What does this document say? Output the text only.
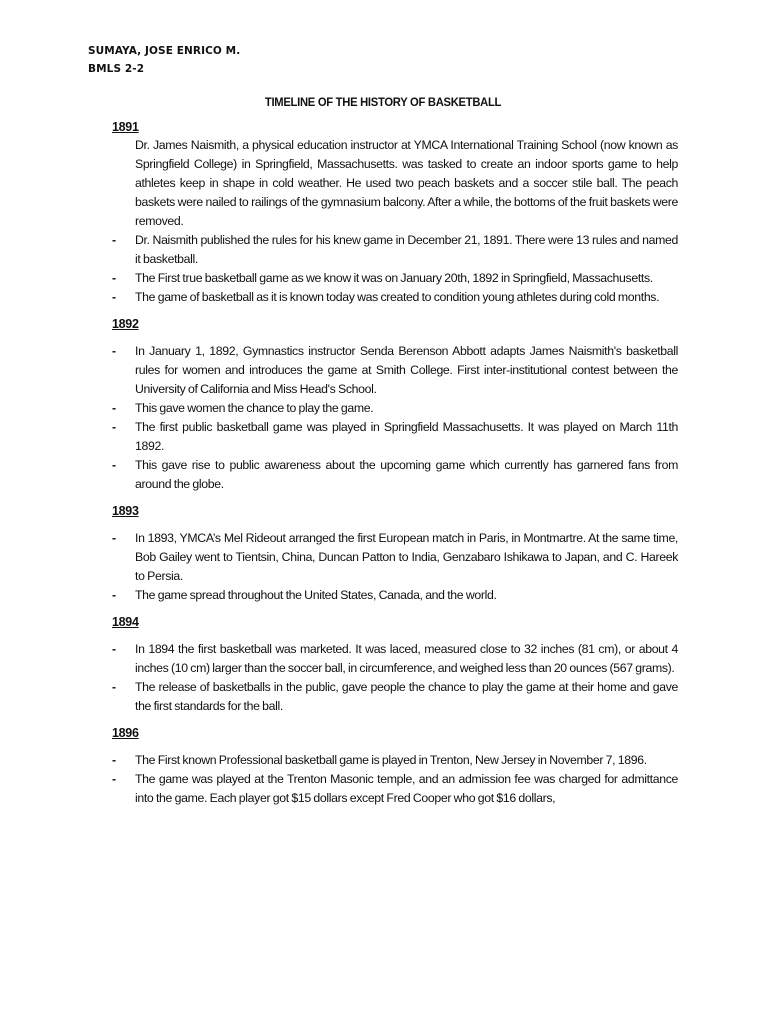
SUMAYA, JOSE ENRICO M.
BMLS 2-2
TIMELINE OF THE HISTORY OF BASKETBALL
1891
Dr. James Naismith, a physical education instructor at YMCA International Training School (now known as Springfield College) in Springfield, Massachusetts. was tasked to create an indoor sports game to help athletes keep in shape in cold weather. He used two peach baskets and a soccer stile ball. The peach baskets were nailed to railings of the gymnasium balcony. After a while, the bottoms of the fruit baskets were removed.
- Dr. Naismith published the rules for his knew game in December 21, 1891. There were 13 rules and named it basketball.
- The First true basketball game as we know it was on January 20th, 1892 in Springfield, Massachusetts.
- The game of basketball as it is known today was created to condition young athletes during cold months.
1892
- In January 1, 1892, Gymnastics instructor Senda Berenson Abbott adapts James Naismith's basketball rules for women and introduces the game at Smith College. First inter-institutional contest between the University of California and Miss Head's School.
- This gave women the chance to play the game.
- The first public basketball game was played in Springfield Massachusetts. It was played on March 11th 1892.
- This gave rise to public awareness about the upcoming game which currently has garnered fans from around the globe.
1893
- In 1893, YMCA’s Mel Rideout arranged the first European match in Paris, in Montmartre. At the same time, Bob Gailey went to Tientsin, China, Duncan Patton to India, Genzabaro Ishikawa to Japan, and C. Hareek to Persia.
- The game spread throughout the United States, Canada, and the world.
1894
- In 1894 the first basketball was marketed. It was laced, measured close to 32 inches (81 cm), or about 4 inches (10 cm) larger than the soccer ball, in circumference, and weighed less than 20 ounces (567 grams).
- The release of basketballs in the public, gave people the chance to play the game at their home and gave the first standards for the ball.
1896
- The First known Professional basketball game is played in Trenton, New Jersey in November 7, 1896.
- The game was played at the Trenton Masonic temple, and an admission fee was charged for admittance into the game. Each player got $15 dollars except Fred Cooper who got $16 dollars,
